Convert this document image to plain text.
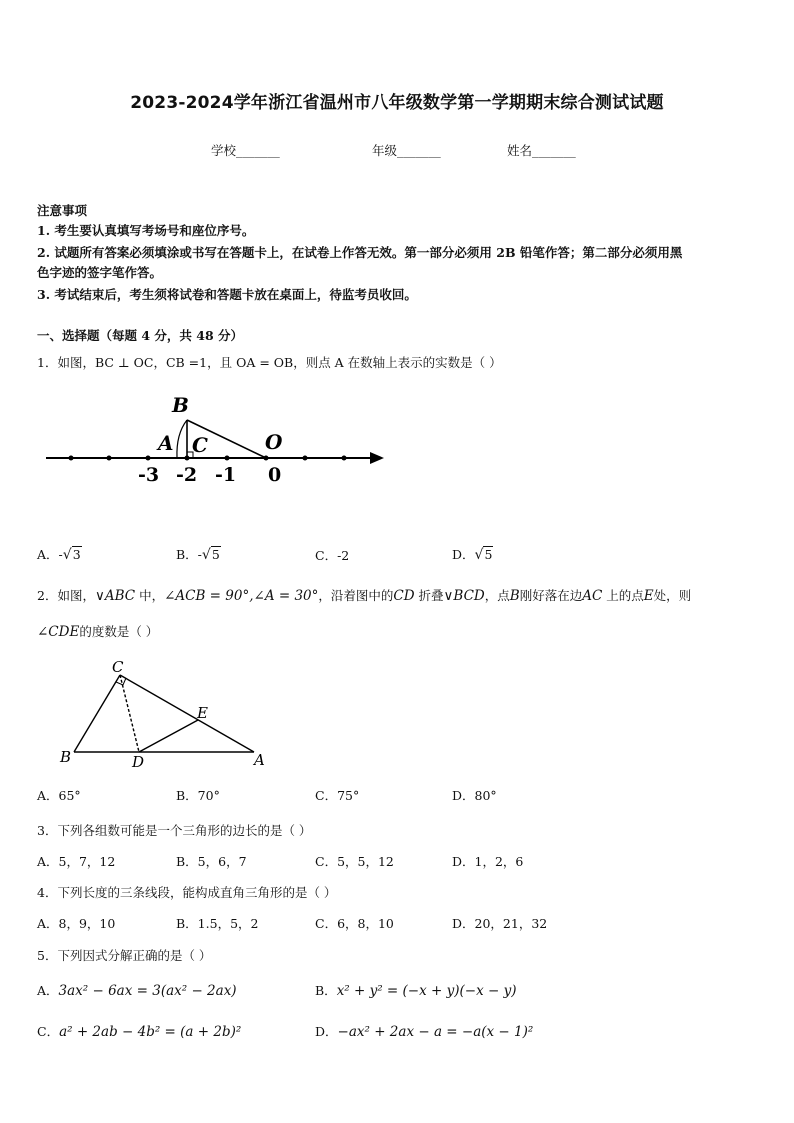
2023-2024学年浙江省温州市八年级数学第一学期期末综合测试试题
学校_______	年级_______	姓名_______
注意事项
1. 考生要认真填写考场号和座位序号。
2. 试题所有答案必须填涂或书写在答题卡上，在试卷上作答无效。第一部分必须用 2B 铅笔作答；第二部分必须用黑
色字迹的签字笔作答。
3. 考试结束后，考生须将试卷和答题卡放在桌面上，待监考员收回。
一、选择题（每题 4 分，共 48 分）
1．如图，BC ⊥ OC，CB =1，且 OA = OB，则点 A 在数轴上表示的实数是（ ）
B
A C	O
-3 -2 -1 0
A．-√3	B．-√5	C．-2	D．√5
2．如图，∨ABC 中，∠ACB = 90°,∠A = 30°，沿着图中的CD 折叠∨BCD，点B刚好落在边AC 上的点E处，则
∠CDE的度数是（ ）
C
E
B	D	A
A．65°	B．70°	C．75°	D．80°
3．下列各组数可能是一个三角形的边长的是（ ）
A．5，7，12	B．5，6，7	C．5，5，12	D．1，2，6
4．下列长度的三条线段，能构成直角三角形的是（ ）
A．8，9，10	B．1.5，5，2	C．6，8，10	D．20，21，32
5．下列因式分解正确的是（ ）
A．3ax² − 6ax = 3(ax² − 2ax)	B．x² + y² = (−x + y)(−x − y)
C．a² + 2ab − 4b² = (a + 2b)²	D．−ax² + 2ax − a = −a(x − 1)²
